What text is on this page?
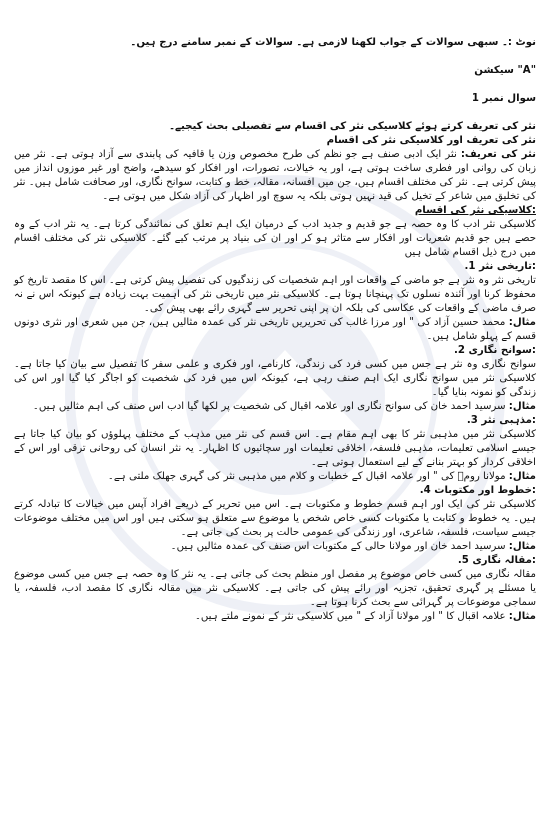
نوٹ :۔ سبھی سوالات کے جواب لکھنا لازمی ہے۔ سوالات کے نمبر سامنے درج ہیں۔

"A" سیکشن

سوال نمبر 1

نثر کی تعریف کرتے ہوئے کلاسیکی نثر کی اقسام سے تفصیلی بحث کیجیے۔

نثر کی تعریف اور کلاسیکی نثر کی اقسام

نثر کی تعریف: نثر ایک ادبی صنف ہے جو نظم کی طرح مخصوص وزن یا قافیہ کی پابندی سے آزاد ہوتی ہے۔ نثر میں زبان کی روانی اور فطری ساخت ہوتی ہے، اور یہ خیالات، تصورات، اور افکار کو سیدھے، واضح اور غیر موزوں انداز میں پیش کرتی ہے۔ نثر کی مختلف اقسام ہیں، جن میں افسانہ، مقالہ، خط و کتابت، سوانح نگاری، اور صحافت شامل ہیں۔ نثر کی تخلیق میں شاعر کے تخیل کی قید نہیں ہوتی بلکہ یہ سوچ اور اظہار کی آزاد شکل میں ہوتی ہے۔

:کلاسیکی نثر کی اقسام

کلاسیکی نثر ادب کا وہ حصہ ہے جو قدیم و جدید ادب کے درمیان ایک اہم تعلق کی نمائندگی کرتا ہے۔ یہ نثر ادب کے وہ حصے ہیں جو قدیم شعریات اور افکار سے متاثر ہو کر اور ان کی بنیاد پر مرتب کیے گئے۔ کلاسیکی نثر کی مختلف اقسام میں درج ذیل اقسام شامل ہیں

:تاریخی نثر 1.

تاریخی نثر وہ نثر ہے جو ماضی کے واقعات اور اہم شخصیات کی زندگیوں کی تفصیل پیش کرتی ہے۔ اس کا مقصد تاریخ کو محفوظ کرنا اور آئندہ نسلوں تک پہنچانا ہوتا ہے۔ کلاسیکی نثر میں تاریخی نثر کی اہمیت بہت زیادہ ہے کیونکہ اس نے نہ صرف ماضی کے واقعات کی عکاسی کی بلکہ ان پر اپنی تحریر سے گہری رائے بھی پیش کی۔

مثال: محمد حسین آزاد کی " اور مرزا غالب کی تحریریں تاریخی نثر کی عمدہ مثالیں ہیں، جن میں شعری اور نثری دونوں قسم کے پہلو شامل ہیں۔

:سوانح نگاری 2.

سوانح نگاری وہ نثر ہے جس میں کسی فرد کی زندگی، کارنامے، اور فکری و علمی سفر کا تفصیل سے بیان کیا جاتا ہے۔ کلاسیکی نثر میں سوانح نگاری ایک اہم صنف رہی ہے، کیونکہ اس میں فرد کی شخصیت کو اجاگر کیا گیا اور اس کی زندگی کو نمونہ بنایا گیا۔

مثال: سرسید احمد خان کی سوانح نگاری اور علامہ اقبال کی شخصیت پر لکھا گیا ادب اس صنف کی اہم مثالیں ہیں۔

:مذہبی نثر 3.

کلاسیکی نثر میں مذہبی نثر کا بھی اہم مقام ہے۔ اس قسم کی نثر میں مذہب کے مختلف پہلوؤں کو بیان کیا جاتا ہے جیسے اسلامی تعلیمات، مذہبی فلسفہ، اخلاقی تعلیمات اور سچائیوں کا اظہار۔ یہ نثر انسان کی روحانی ترقی اور اس کے اخلاقی کردار کو بہتر بنانے کے لیے استعمال ہوتی ہے۔

مثال: مولانا رومؒ کی " اور علامہ اقبال کے خطبات و کلام میں مذہبی نثر کی گہری جھلک ملتی ہے۔

:خطوط اور مکتوبات 4.

کلاسیکی نثر کی ایک اور اہم قسم خطوط و مکتوبات ہے۔ اس میں تحریر کے ذریعے افراد آپس میں خیالات کا تبادلہ کرتے ہیں۔ یہ خطوط و کتابت یا مکتوبات کسی خاص شخص یا موضوع سے متعلق ہو سکتی ہیں اور اس میں مختلف موضوعات جیسے سیاست، فلسفہ، شاعری، اور زندگی کی عمومی حالت پر بحث کی جاتی ہے۔

مثال: سرسید احمد خان اور مولانا حالی کے مکتوبات اس صنف کی عمدہ مثالیں ہیں۔

:مقالہ نگاری 5.

مقالہ نگاری میں کسی خاص موضوع پر مفصل اور منظم بحث کی جاتی ہے۔ یہ نثر کا وہ حصہ ہے جس میں کسی موضوع یا مسئلے پر گہری تحقیق، تجزیہ اور رائے پیش کی جاتی ہے۔ کلاسیکی نثر میں مقالہ نگاری کا مقصد ادب، فلسفہ، یا سماجی موضوعات پر گہرائی سے بحث کرنا ہوتا ہے۔

مثال: علامہ اقبال کا " اور مولانا آزاد کے " میں کلاسیکی نثر کے نمونے ملتے ہیں۔
